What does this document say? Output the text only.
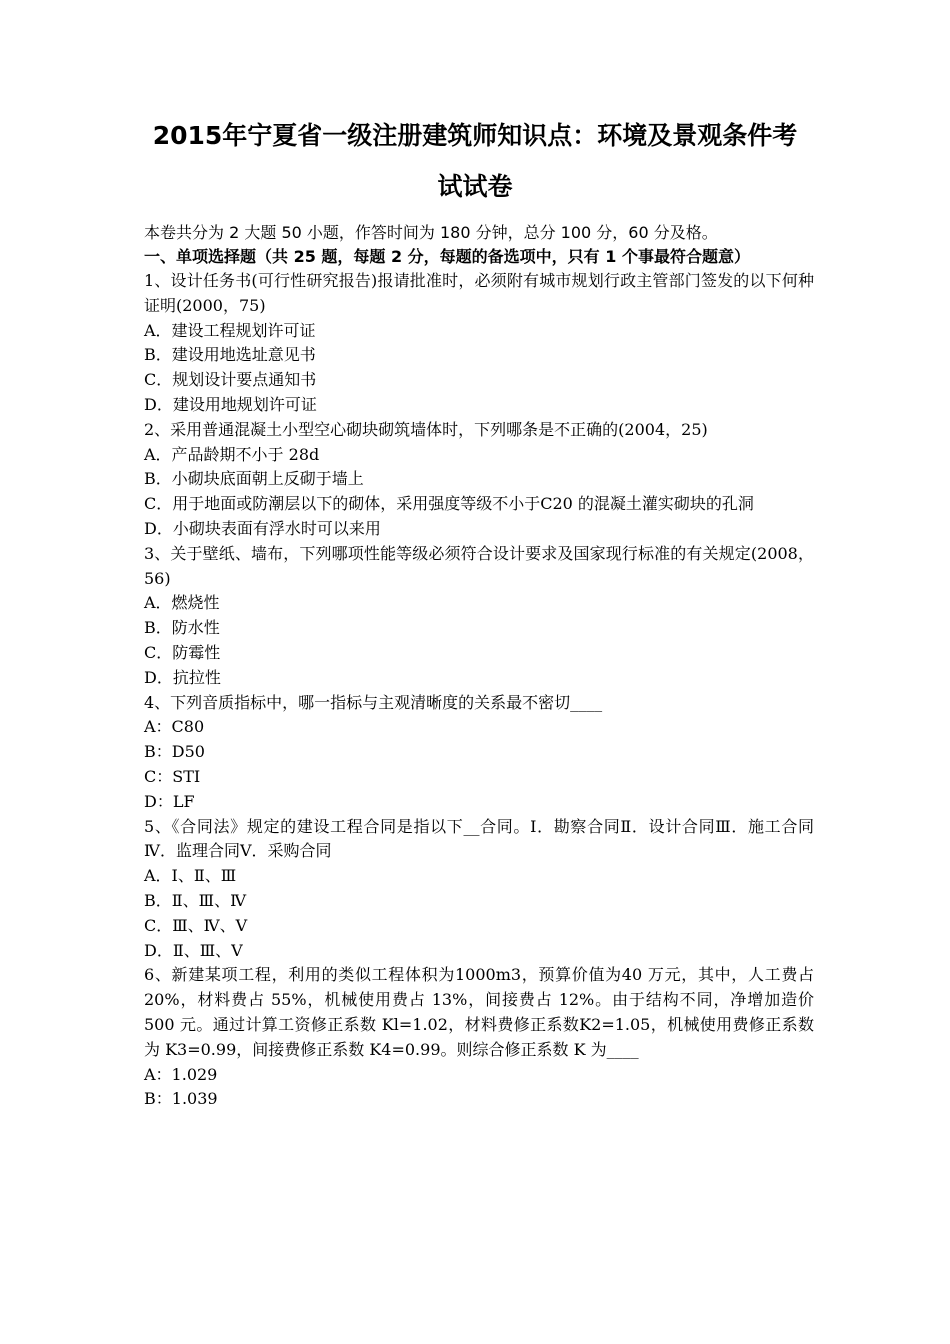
2015年宁夏省一级注册建筑师知识点：环境及景观条件考
试试卷
本卷共分为 2 大题 50 小题，作答时间为 180 分钟，总分 100 分，60 分及格。
一、单项选择题（共 25 题，每题 2 分，每题的备选项中，只有 1 个事最符合题意）
1、设计任务书(可行性研究报告)报请批准时，必须附有城市规划行政主管部门签发的以下何种证明(2000，75)
A．建设工程规划许可证
B．建设用地选址意见书
C．规划设计要点通知书
D．建设用地规划许可证
2、采用普通混凝土小型空心砌块砌筑墙体时，下列哪条是不正确的(2004，25)
A．产品龄期不小于 28d
B．小砌块底面朝上反砌于墙上
C．用于地面或防潮层以下的砌体，采用强度等级不小于C20 的混凝土灌实砌块的孔洞
D．小砌块表面有浮水时可以来用
3、关于壁纸、墙布，下列哪项性能等级必须符合设计要求及国家现行标准的有关规定(2008，56)
A．燃烧性
B．防水性
C．防霉性
D．抗拉性
4、下列音质指标中，哪一指标与主观清晰度的关系最不密切____
A：C80
B：D50
C：STI
D：LF
5、《合同法》规定的建设工程合同是指以下__合同。Ⅰ．勘察合同Ⅱ．设计合同Ⅲ．施工合同Ⅳ．监理合同Ⅴ．采购合同
A．Ⅰ、Ⅱ、Ⅲ
B．Ⅱ、Ⅲ、Ⅳ
C．Ⅲ、Ⅳ、Ⅴ
D．Ⅱ、Ⅲ、Ⅴ
6、新建某项工程，利用的类似工程体积为1000m3，预算价值为40 万元，其中，人工费占 20%，材料费占 55%，机械使用费占 13%，间接费占 12%。由于结构不同，净增加造价 500 元。通过计算工资修正系数 Kl=1.02，材料费修正系数K2=1.05，机械使用费修正系数为 K3=0.99，间接费修正系数 K4=0.99。则综合修正系数 K 为____
A：1.029
B：1.039
